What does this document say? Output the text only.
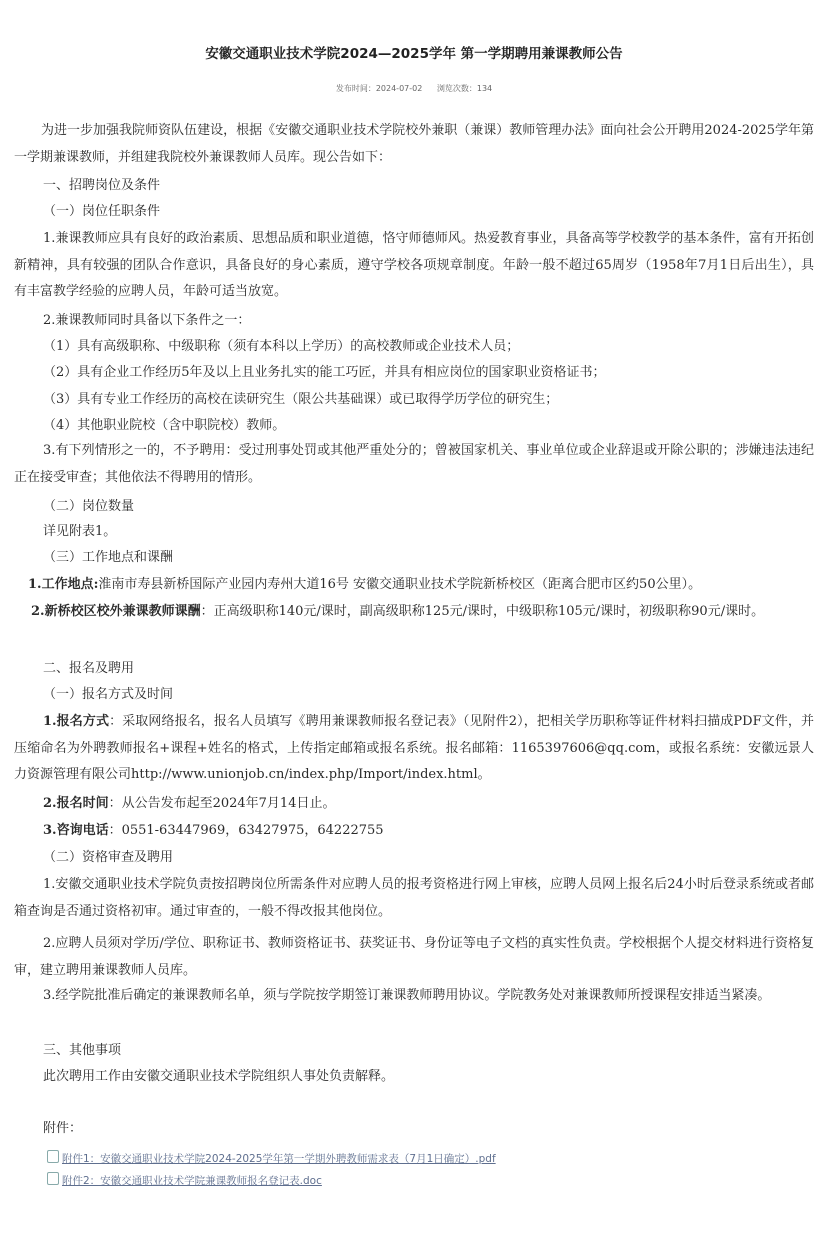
安徽交通职业技术学院2024—2025学年 第一学期聘用兼课教师公告
发布时间：2024-07-02 浏览次数：134
为进一步加强我院师资队伍建设，根据《安徽交通职业技术学院校外兼职（兼课）教师管理办法》面向社会公开聘用2024-2025学年第一学期兼课教师，并组建我院校外兼课教师人员库。现公告如下：
一、招聘岗位及条件
（一）岗位任职条件
1.兼课教师应具有良好的政治素质、思想品质和职业道德，恪守师德师风。热爱教育事业，具备高等学校教学的基本条件，富有开拓创新精神，具有较强的团队合作意识，具备良好的身心素质，遵守学校各项规章制度。年龄一般不超过65周岁（1958年7月1日后出生），具有丰富教学经验的应聘人员，年龄可适当放宽。
2.兼课教师同时具备以下条件之一：
（1）具有高级职称、中级职称（须有本科以上学历）的高校教师或企业技术人员；
（2）具有企业工作经历5年及以上且业务扎实的能工巧匠，并具有相应岗位的国家职业资格证书；
（3）具有专业工作经历的高校在读研究生（限公共基础课）或已取得学历学位的研究生；
（4）其他职业院校（含中职院校）教师。
3.有下列情形之一的，不予聘用：受过刑事处罚或其他严重处分的；曾被国家机关、事业单位或企业辞退或开除公职的；涉嫌违法违纪正在接受审查；其他依法不得聘用的情形。
（二）岗位数量
详见附表1。
（三）工作地点和课酬
1.工作地点:淮南市寿县新桥国际产业园内寿州大道16号 安徽交通职业技术学院新桥校区（距离合肥市区约50公里）。
2.新桥校区校外兼课教师课酬：正高级职称140元/课时，副高级职称125元/课时，中级职称105元/课时，初级职称90元/课时。
二、报名及聘用
（一）报名方式及时间
1.报名方式：采取网络报名，报名人员填写《聘用兼课教师报名登记表》（见附件2），把相关学历职称等证件材料扫描成PDF文件，并压缩命名为外聘教师报名+课程+姓名的格式，上传指定邮箱或报名系统。报名邮箱：1165397606@qq.com，或报名系统：安徽远景人力资源管理有限公司http://www.unionjob.cn/index.php/Import/index.html。
2.报名时间：从公告发布起至2024年7月14日止。
3.咨询电话：0551-63447969，63427975，64222755
（二）资格审查及聘用
1.安徽交通职业技术学院负责按招聘岗位所需条件对应聘人员的报考资格进行网上审核，应聘人员网上报名后24小时后登录系统或者邮箱查询是否通过资格初审。通过审查的，一般不得改报其他岗位。
2.应聘人员须对学历/学位、职称证书、教师资格证书、获奖证书、身份证等电子文档的真实性负责。学校根据个人提交材料进行资格复审，建立聘用兼课教师人员库。
3.经学院批准后确定的兼课教师名单，须与学院按学期签订兼课教师聘用协议。学院教务处对兼课教师所授课程安排适当紧凑。
三、其他事项
此次聘用工作由安徽交通职业技术学院组织人事处负责解释。
附件：
附件1：安徽交通职业技术学院2024-2025学年第一学期外聘教师需求表（7月1日确定）.pdf
附件2：安徽交通职业技术学院兼课教师报名登记表.doc
